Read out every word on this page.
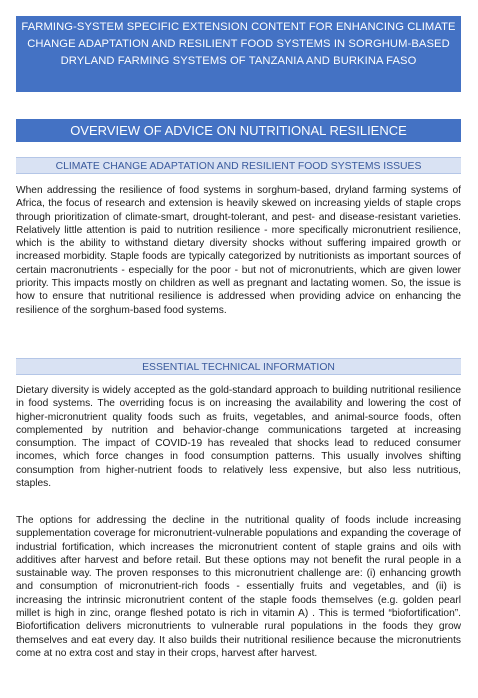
FARMING-SYSTEM SPECIFIC EXTENSION CONTENT FOR ENHANCING CLIMATE
CHANGE ADAPTATION AND RESILIENT FOOD SYSTEMS IN SORGHUM-BASED
DRYLAND FARMING SYSTEMS OF TANZANIA AND BURKINA FASO
OVERVIEW OF ADVICE ON NUTRITIONAL RESILIENCE
CLIMATE CHANGE ADAPTATION AND RESILIENT FOOD SYSTEMS ISSUES

When addressing the resilience of food systems in sorghum-based, dryland farming systems of Africa, the focus of research and extension is heavily skewed on increasing yields of staple crops through prioritization of climate-smart, drought-tolerant, and pest- and disease-resistant varieties. Relatively little attention is paid to nutrition resilience - more specifically micronutrient resilience, which is the ability to withstand dietary diversity shocks without suffering impaired growth or increased morbidity. Staple foods are typically categorized by nutritionists as important sources of certain macronutrients - especially for the poor - but not of micronutrients, which are given lower priority. This impacts mostly on children as well as pregnant and lactating women. So, the issue is how to ensure that nutritional resilience is addressed when providing advice on enhancing the resilience of the sorghum-based food systems.

ESSENTIAL TECHNICAL INFORMATION

Dietary diversity is widely accepted as the gold-standard approach to building nutritional resilience in food systems. The overriding focus is on increasing the availability and lowering the cost of higher-micronutrient quality foods such as fruits, vegetables, and animal-source foods, often complemented by nutrition and behavior-change communications targeted at increasing consumption. The impact of COVID-19 has revealed that shocks lead to reduced consumer incomes, which force changes in food consumption patterns. This usually involves shifting consumption from higher-nutrient foods to relatively less expensive, but also less nutritious, staples.

The options for addressing the decline in the nutritional quality of foods include increasing supplementation coverage for micronutrient-vulnerable populations and expanding the coverage of industrial fortification, which increases the micronutrient content of staple grains and oils with additives after harvest and before retail. But these options may not benefit the rural people in a sustainable way. The proven responses to this micronutrient challenge are: (i) enhancing growth and consumption of micronutrient-rich foods - essentially fruits and vegetables, and (ii) is increasing the intrinsic micronutrient content of the staple foods themselves (e.g. golden pearl millet is high in zinc, orange fleshed potato is rich in vitamin A) . This is termed “biofortification”. Biofortification delivers micronutrients to vulnerable rural populations in the foods they grow themselves and eat every day. It also builds their nutritional resilience because the micronutrients come at no extra cost and stay in their crops, harvest after harvest.
